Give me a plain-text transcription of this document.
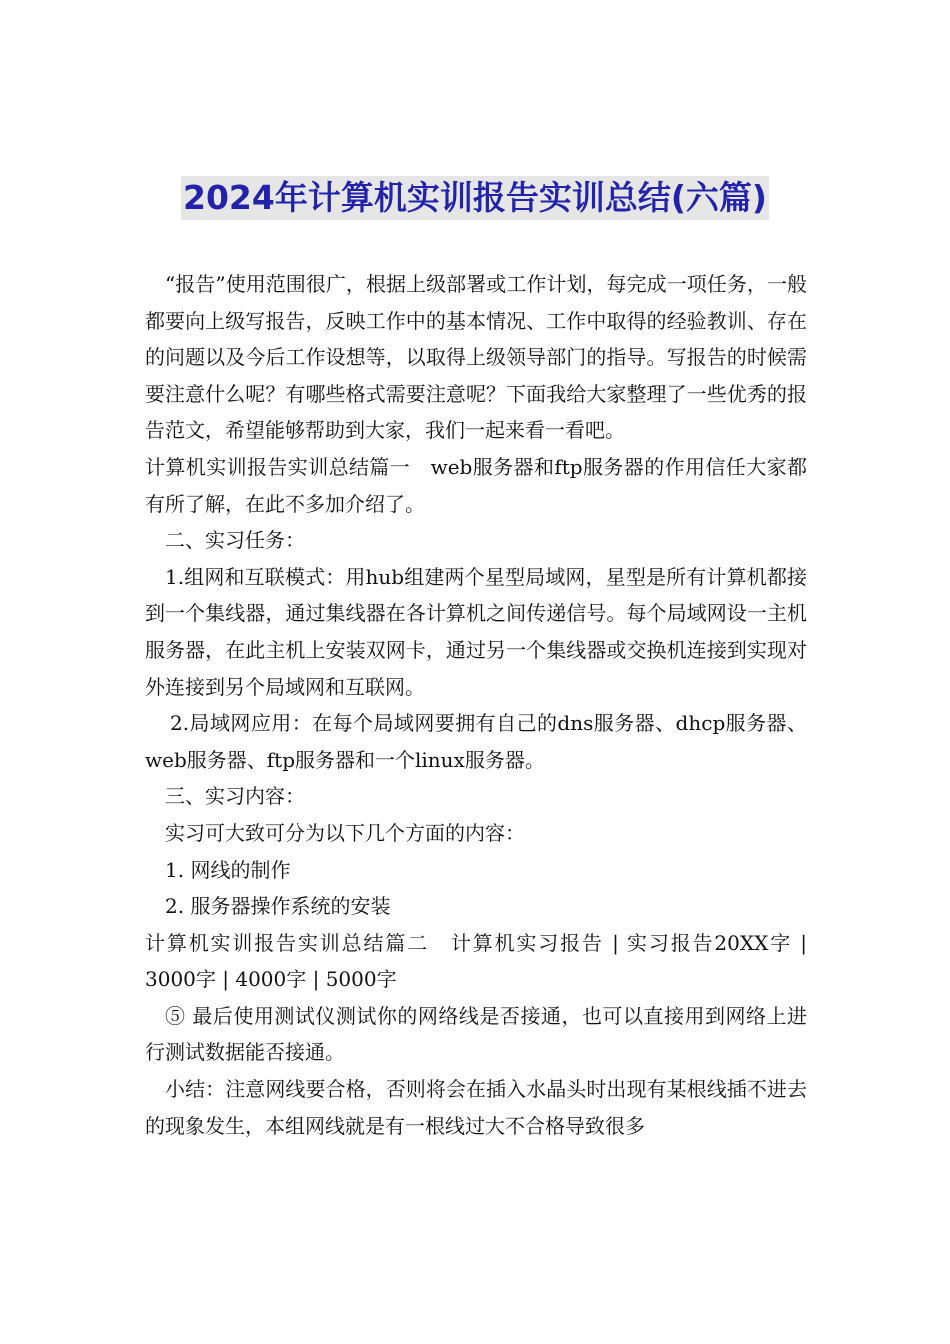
2024年计算机实训报告实训总结(六篇)

“报告”使用范围很广，根据上级部署或工作计划，每完成一项任务，一般都要向上级写报告，反映工作中的基本情况、工作中取得的经验教训、存在的问题以及今后工作设想等，以取得上级领导部门的指导。写报告的时候需要注意什么呢？有哪些格式需要注意呢？下面我给大家整理了一些优秀的报告范文，希望能够帮助到大家，我们一起来看一看吧。

计算机实训报告实训总结篇一　web服务器和ftp服务器的作用信任大家都有所了解，在此不多加介绍了。

二、实习任务：

1.组网和互联模式：用hub组建两个星型局域网，星型是所有计算机都接到一个集线器，通过集线器在各计算机之间传递信号。每个局域网设一主机服务器，在此主机上安装双网卡，通过另一个集线器或交换机连接到实现对外连接到另个局域网和互联网。

2.局域网应用：在每个局域网要拥有自己的dns服务器、dhcp服务器、web服务器、ftp服务器和一个linux服务器。

三、实习内容：

实习可大致可分为以下几个方面的内容：

1. 网线的制作

2. 服务器操作系统的安装

计算机实训报告实训总结篇二　计算机实习报告 | 实习报告20XX字 | 3000字 | 4000字 | 5000字

⑤ 最后使用测试仪测试你的网络线是否接通，也可以直接用到网络上进行测试数据能否接通。

小结：注意网线要合格，否则将会在插入水晶头时出现有某根线插不进去的现象发生，本组网线就是有一根线过大不合格导致很多
